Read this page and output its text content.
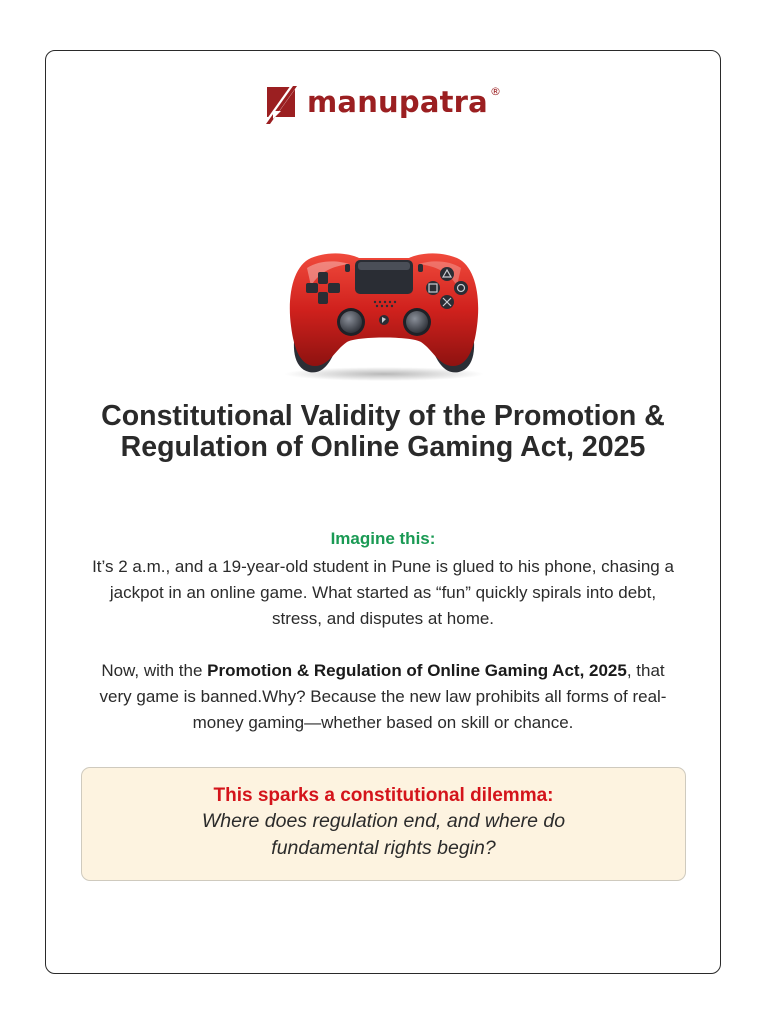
manupatra ®
Constitutional Validity of the Promotion & Regulation of Online Gaming Act, 2025
Imagine this:

It’s 2 a.m., and a 19-year-old student in Pune is glued to his phone, chasing a jackpot in an online game. What started as “fun” quickly spirals into debt, stress, and disputes at home.

Now, with the Promotion & Regulation of Online Gaming Act, 2025, that very game is banned.Why? Because the new law prohibits all forms of real-money gaming—whether based on skill or chance.

This sparks a constitutional dilemma:

Where does regulation end, and where do fundamental rights begin?
